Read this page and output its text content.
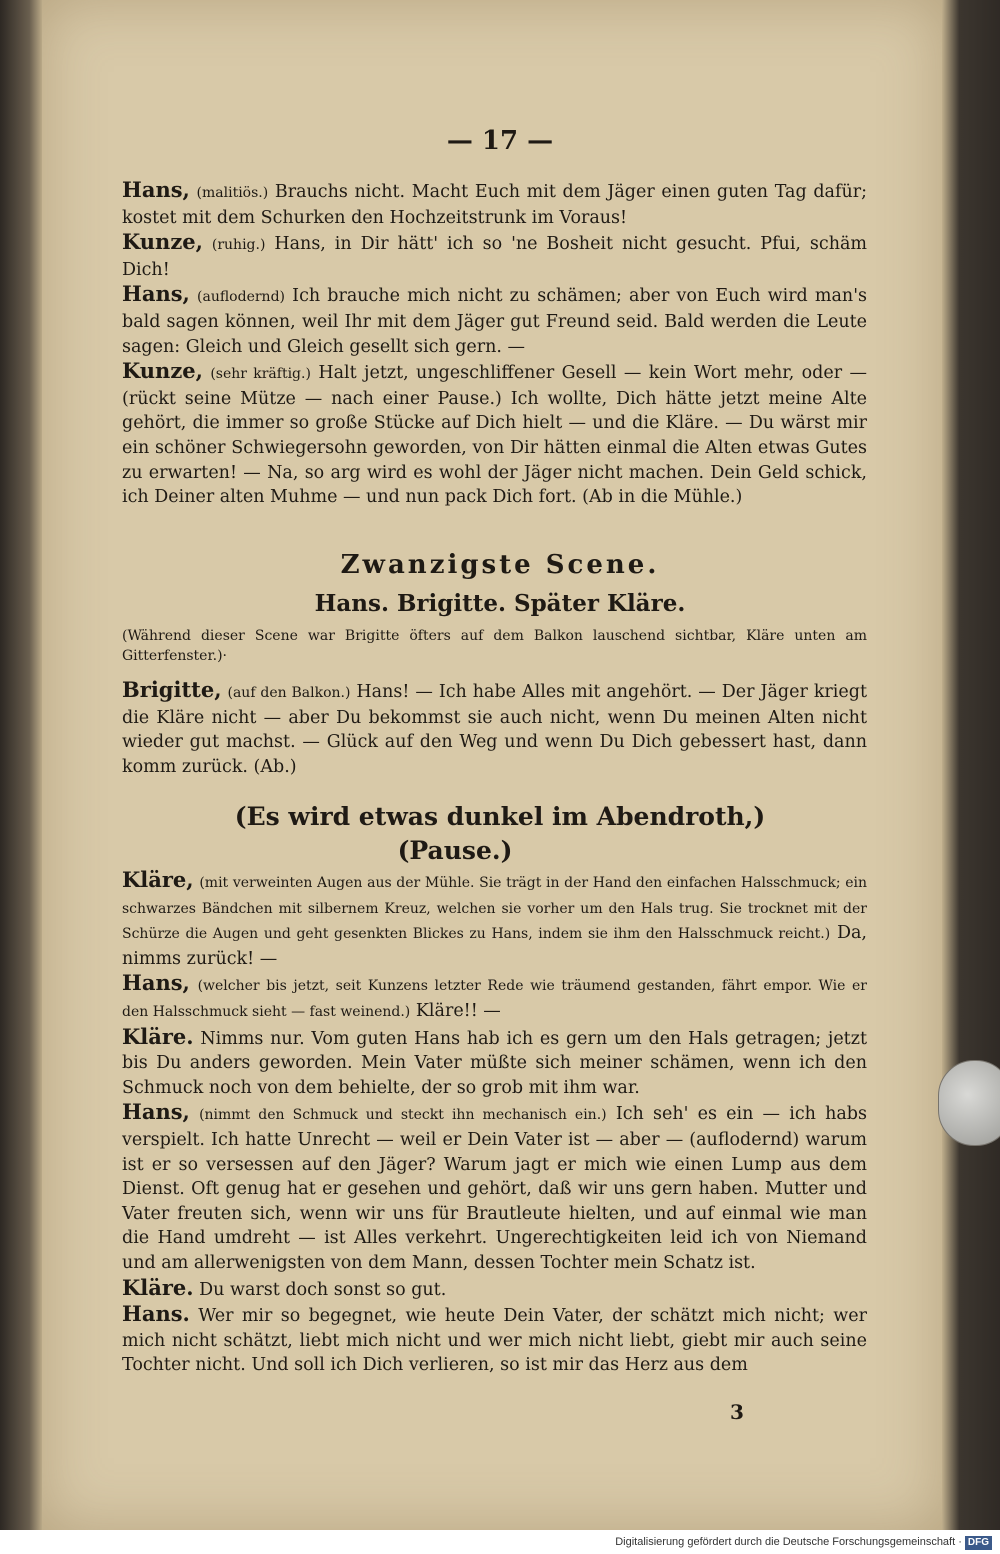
— 17 —

Hans, (malitiös.) Brauchs nicht. Macht Euch mit dem Jäger einen guten Tag dafür; kostet mit dem Schurken den Hochzeitstrunk im Voraus!

Kunze, (ruhig.) Hans, in Dir hätt' ich so 'ne Bosheit nicht gesucht. Pfui, schäm Dich!

Hans, (auflodernd) Ich brauche mich nicht zu schämen; aber von Euch wird man's bald sagen können, weil Ihr mit dem Jäger gut Freund seid. Bald werden die Leute sagen: Gleich und Gleich gesellt sich gern. —

Kunze, (sehr kräftig.) Halt jetzt, ungeschliffener Gesell — kein Wort mehr, oder — (rückt seine Mütze — nach einer Pause.) Ich wollte, Dich hätte jetzt meine Alte gehört, die immer so große Stücke auf Dich hielt — und die Kläre. — Du wärst mir ein schöner Schwiegersohn geworden, von Dir hätten einmal die Alten etwas Gutes zu erwarten! — Na, so arg wird es wohl der Jäger nicht machen. Dein Geld schick, ich Deiner alten Muhme — und nun pack Dich fort. (Ab in die Mühle.)

Zwanzigste Scene.
Hans. Brigitte. Später Kläre.
(Während dieser Scene war Brigitte öfters auf dem Balkon lauschend sichtbar, Kläre unten am Gitterfenster.)·

Brigitte, (auf den Balkon.) Hans! — Ich habe Alles mit angehört. — Der Jäger kriegt die Kläre nicht — aber Du bekommst sie auch nicht, wenn Du meinen Alten nicht wieder gut machst. — Glück auf den Weg und wenn Du Dich gebessert hast, dann komm zurück. (Ab.)

(Es wird etwas dunkel im Abendroth,)
(Pause.)

Kläre, (mit verweinten Augen aus der Mühle. Sie trägt in der Hand den einfachen Halsschmuck; ein schwarzes Bändchen mit silbernem Kreuz, welchen sie vorher um den Hals trug. Sie trocknet mit der Schürze die Augen und geht gesenkten Blickes zu Hans, indem sie ihm den Halsschmuck reicht.) Da, nimms zurück! —

Hans, (welcher bis jetzt, seit Kunzens letzter Rede wie träumend gestanden, fährt empor. Wie er den Halsschmuck sieht — fast weinend.) Kläre!! —

Kläre. Nimms nur. Vom guten Hans hab ich es gern um den Hals getragen; jetzt bis Du anders geworden. Mein Vater müßte sich meiner schämen, wenn ich den Schmuck noch von dem behielte, der so grob mit ihm war.

Hans, (nimmt den Schmuck und steckt ihn mechanisch ein.) Ich seh' es ein — ich habs verspielt. Ich hatte Unrecht — weil er Dein Vater ist — aber — (auflodernd) warum ist er so versessen auf den Jäger? Warum jagt er mich wie einen Lump aus dem Dienst. Oft genug hat er gesehen und gehört, daß wir uns gern haben. Mutter und Vater freuten sich, wenn wir uns für Brautleute hielten, und auf einmal wie man die Hand umdreht — ist Alles verkehrt. Ungerechtigkeiten leid ich von Niemand und am allerwenigsten von dem Mann, dessen Tochter mein Schatz ist.

Kläre. Du warst doch sonst so gut.

Hans. Wer mir so begegnet, wie heute Dein Vater, der schätzt mich nicht; wer mich nicht schätzt, liebt mich nicht und wer mich nicht liebt, giebt mir auch seine Tochter nicht. Und soll ich Dich verlieren, so ist mir das Herz aus dem

3
Digitalisierung gefördert durch die Deutsche Forschungsgemeinschaft · DFG
